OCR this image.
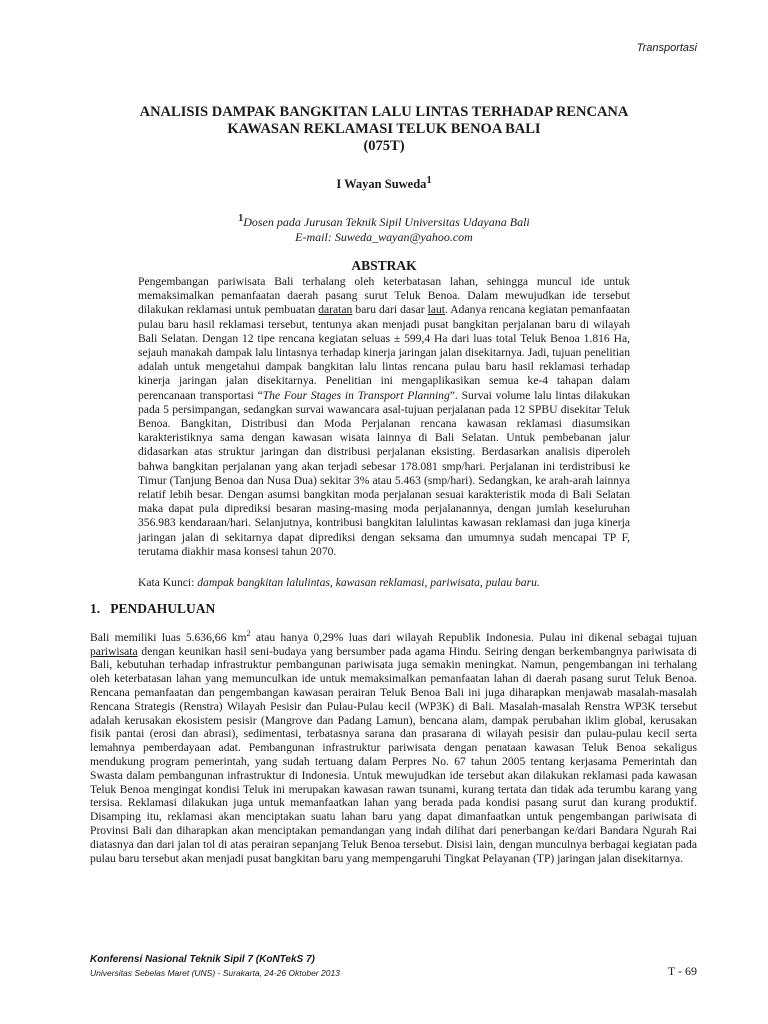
Transportasi

ANALISIS DAMPAK BANGKITAN LALU LINTAS TERHADAP RENCANA
KAWASAN REKLAMASI TELUK BENOA BALI
(075T)

I Wayan Suweda$^1$
$^1$Dosen pada Jurusan Teknik Sipil Universitas Udayana Bali
E-mail: Suweda_wayan@yahoo.com
ABSTRAK

Pengembangan pariwisata Bali terhalang oleh keterbatasan lahan, sehingga muncul ide untuk memaksimalkan pemanfaatan daerah pasang surut Teluk Benoa. Dalam mewujudkan ide tersebut dilakukan reklamasi untuk pembuatan daratan baru dari dasar laut. Adanya rencana kegiatan pemanfaatan pulau baru hasil reklamasi tersebut, tentunya akan menjadi pusat bangkitan perjalanan baru di wilayah Bali Selatan. Dengan 12 tipe rencana kegiatan seluas ± 599,4 Ha dari luas total Teluk Benoa 1.816 Ha, sejauh manakah dampak lalu lintasnya terhadap kinerja jaringan jalan disekitarnya. Jadi, tujuan penelitian adalah untuk mengetahui dampak bangkitan lalu lintas rencana pulau baru hasil reklamasi terhadap kinerja jaringan jalan disekitarnya. Penelitian ini mengaplikasikan semua ke-4 tahapan dalam perencanaan transportasi “The Four Stages in Transport Planning”. Survai volume lalu lintas dilakukan pada 5 persimpangan, sedangkan survai wawancara asal-tujuan perjalanan pada 12 SPBU disekitar Teluk Benoa. Bangkitan, Distribusi dan Moda Perjalanan rencana kawasan reklamasi diasumsikan karakteristiknya sama dengan kawasan wisata lainnya di Bali Selatan. Untuk pembebanan jalur didasarkan atas struktur jaringan dan distribusi perjalanan eksisting. Berdasarkan analisis diperoleh bahwa bangkitan perjalanan yang akan terjadi sebesar 178.081 smp/hari. Perjalanan ini terdistribusi ke Timur (Tanjung Benoa dan Nusa Dua) sekitar 3% atau 5.463 (smp/hari). Sedangkan, ke arah-arah lainnya relatif lebih besar. Dengan asumsi bangkitan moda perjalanan sesuai karakteristik moda di Bali Selatan maka dapat pula diprediksi besaran masing-masing moda perjalanannya, dengan jumlah keseluruhan 356.983 kendaraan/hari. Selanjutnya, kontribusi bangkitan lalulintas kawasan reklamasi dan juga kinerja jaringan jalan di sekitarnya dapat diprediksi dengan seksama dan umumnya sudah mencapai TP F, terutama diakhir masa konsesi tahun 2070.

Kata Kunci: dampak bangkitan lalulintas, kawasan reklamasi, pariwisata, pulau baru.
1.   PENDAHULUAN

Bali memiliki luas 5.636,66 $km^2$ atau hanya 0,29% luas dari wilayah Republik Indonesia. Pulau ini dikenal sebagai tujuan pariwisata dengan keunikan hasil seni-budaya yang bersumber pada agama Hindu. Seiring dengan berkembangnya pariwisata di Bali, kebutuhan terhadap infrastruktur pembangunan pariwisata juga semakin meningkat. Namun, pengembangan ini terhalang oleh keterbatasan lahan yang memunculkan ide untuk memaksimalkan pemanfaatan lahan di daerah pasang surut Teluk Benoa. Rencana pemanfaatan dan pengembangan kawasan perairan Teluk Benoa Bali ini juga diharapkan menjawab masalah-masalah Rencana Strategis (Renstra) Wilayah Pesisir dan Pulau-Pulau kecil (WP3K) di Bali. Masalah-masalah Renstra WP3K tersebut adalah kerusakan ekosistem pesisir (Mangrove dan Padang Lamun), bencana alam, dampak perubahan iklim global, kerusakan fisik pantai (erosi dan abrasi), sedimentasi, terbatasnya sarana dan prasarana di wilayah pesisir dan pulau-pulau kecil serta lemahnya pemberdayaan adat. Pembangunan infrastruktur pariwisata dengan penataan kawasan Teluk Benoa sekaligus mendukung program pemerintah, yang sudah tertuang dalam Perpres No. 67 tahun 2005 tentang kerjasama Pemerintah dan Swasta dalam pembangunan infrastruktur di Indonesia. Untuk mewujudkan ide tersebut akan dilakukan reklamasi pada kawasan Teluk Benoa mengingat kondisi Teluk ini merupakan kawasan rawan tsunami, kurang tertata dan tidak ada terumbu karang yang tersisa. Reklamasi dilakukan juga untuk memanfaatkan lahan yang berada pada kondisi pasang surut dan kurang produktif. Disamping itu, reklamasi akan menciptakan suatu lahan baru yang dapat dimanfaatkan untuk pengembangan pariwisata di Provinsi Bali dan diharapkan akan menciptakan pemandangan yang indah dilihat dari penerbangan ke/dari Bandara Ngurah Rai diatasnya dan dari jalan tol di atas perairan sepanjang Teluk Benoa tersebut. Disisi lain, dengan munculnya berbagai kegiatan pada pulau baru tersebut akan menjadi pusat bangkitan baru yang mempengaruhi Tingkat Pelayanan (TP) jaringan jalan disekitarnya.

Konferensi Nasional Teknik Sipil 7 (KoNTekS 7)
Universitas Sebelas Maret (UNS) - Surakarta, 24-26 Oktober 2013	T - 69
